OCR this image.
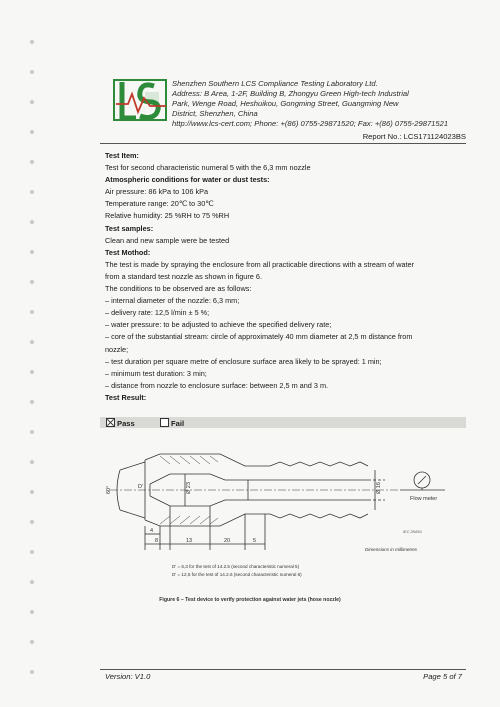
Shenzhen Southern LCS Compliance Testing Laboratory Ltd.
Address: B Area, 1-2F, Building B, Zhongyu Green High-tech Industrial
Park, Wenge Road, Heshuikou, Gongming Street, Guangming New
District, Shenzhen, China
http://www.lcs-cert.com; Phone: +(86) 0755-29871520; Fax: +(86) 0755-29871521
Report No.: LCS171124023BS
Test Item:
Test for second characteristic numeral 5 with the 6,3 mm nozzle
Atmospheric conditions for water or dust tests:
Air pressure: 86 kPa to 106 kPa
Temperature range: 20℃ to 30℃
Relative humidity: 25 %RH to 75 %RH
Test samples:
Clean and new sample were be tested
Test Mothod:
The test is made by spraying the enclosure from all practicable directions with a stream of water
from a standard test nozzle as shown in figure 6.
The conditions to be observed are as follows:
– internal diameter of the nozzle: 6,3 mm;
– delivery rate: 12,5 l/min ± 5 %;
– water pressure: to be adjusted to achieve the specified delivery rate;
– core of the substantial stream: circle of approximately 40 mm diameter at 2,5 m distance from
nozzle;
– test duration per square metre of enclosure surface area likely to be sprayed: 1 min;
– minimum test duration: 3 min;
– distance from nozzle to enclosure surface: between 2,5 m and 3 m.
Test Result:
Pass	Fail
60°	Ø 23
D'	Ø 16
4
8	13	20	5
Flow meter
IEC 284/01
Dimensions in millimetres
D' = 6,3 for the test of 14.2.5 (second characteristic numeral 5)
D' = 12,5 for the test of 14.2.6 (second characteristic numeral 6)
Figure 6 – Test device to verify protection against water jets (hose nozzle)
Version: V1.0	Page 5 of 7
